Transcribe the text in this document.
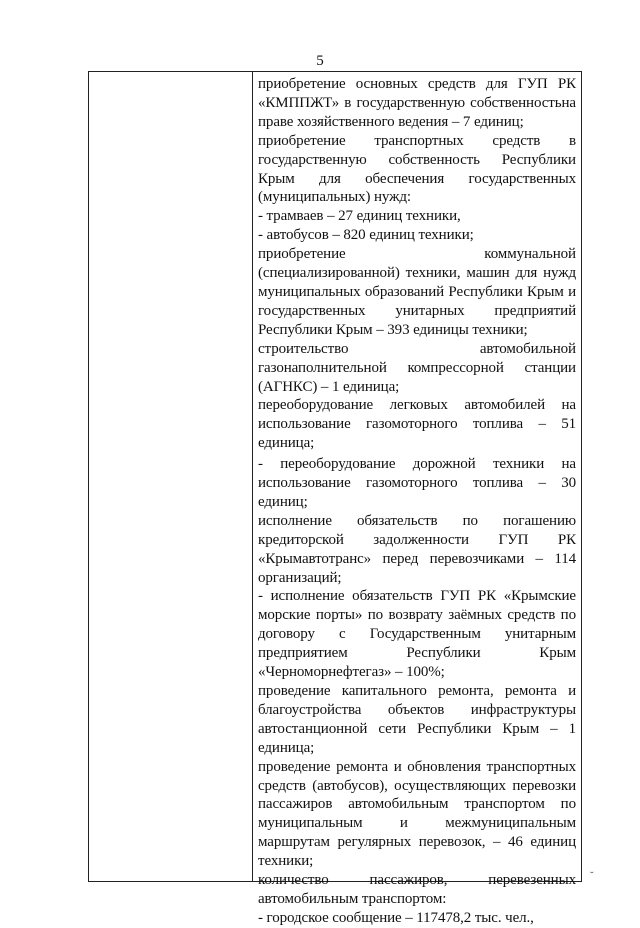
5

приобретение основных средств для ГУП РК «КМППЖТ» в государственную собственностьна праве хозяйственного ведения – 7 единиц;

приобретение транспортных средств в государственную собственность Республики Крым для обеспечения государственных (муниципальных) нужд:

- трамваев – 27 единиц техники,

- автобусов – 820 единиц техники;

приобретение коммунальной (специализированной) техники, машин для нужд муниципальных образований Республики Крым и государственных унитарных предприятий Республики Крым – 393 единицы техники;

строительство автомобильной газонаполнительной компрессорной станции (АГНКС) – 1 единица;

переоборудование легковых автомобилей на использование газомоторного топлива – 51 единица;

- переоборудование дорожной техники на использование газомоторного топлива – 30 единиц;

исполнение обязательств по погашению кредиторской задолженности ГУП РК «Крымавтотранс» перед перевозчиками – 114 организаций;

- исполнение обязательств ГУП РК «Крымские морские порты» по возврату заёмных средств по договору с Государственным унитарным предприятием Республики Крым «Черноморнефтегаз» – 100%;

проведение капитального ремонта, ремонта и благоустройства объектов инфраструктуры автостанционной сети Республики Крым – 1 единица;

проведение ремонта и обновления транспортных средств (автобусов), осуществляющих перевозки пассажиров автомобильным транспортом по муниципальным и межмуниципальным маршрутам регулярных перевозок, – 46 единиц техники;

количество пассажиров, перевезенных автомобильным транспортом:

- городское сообщение – 117478,2 тыс. чел.,

˘
